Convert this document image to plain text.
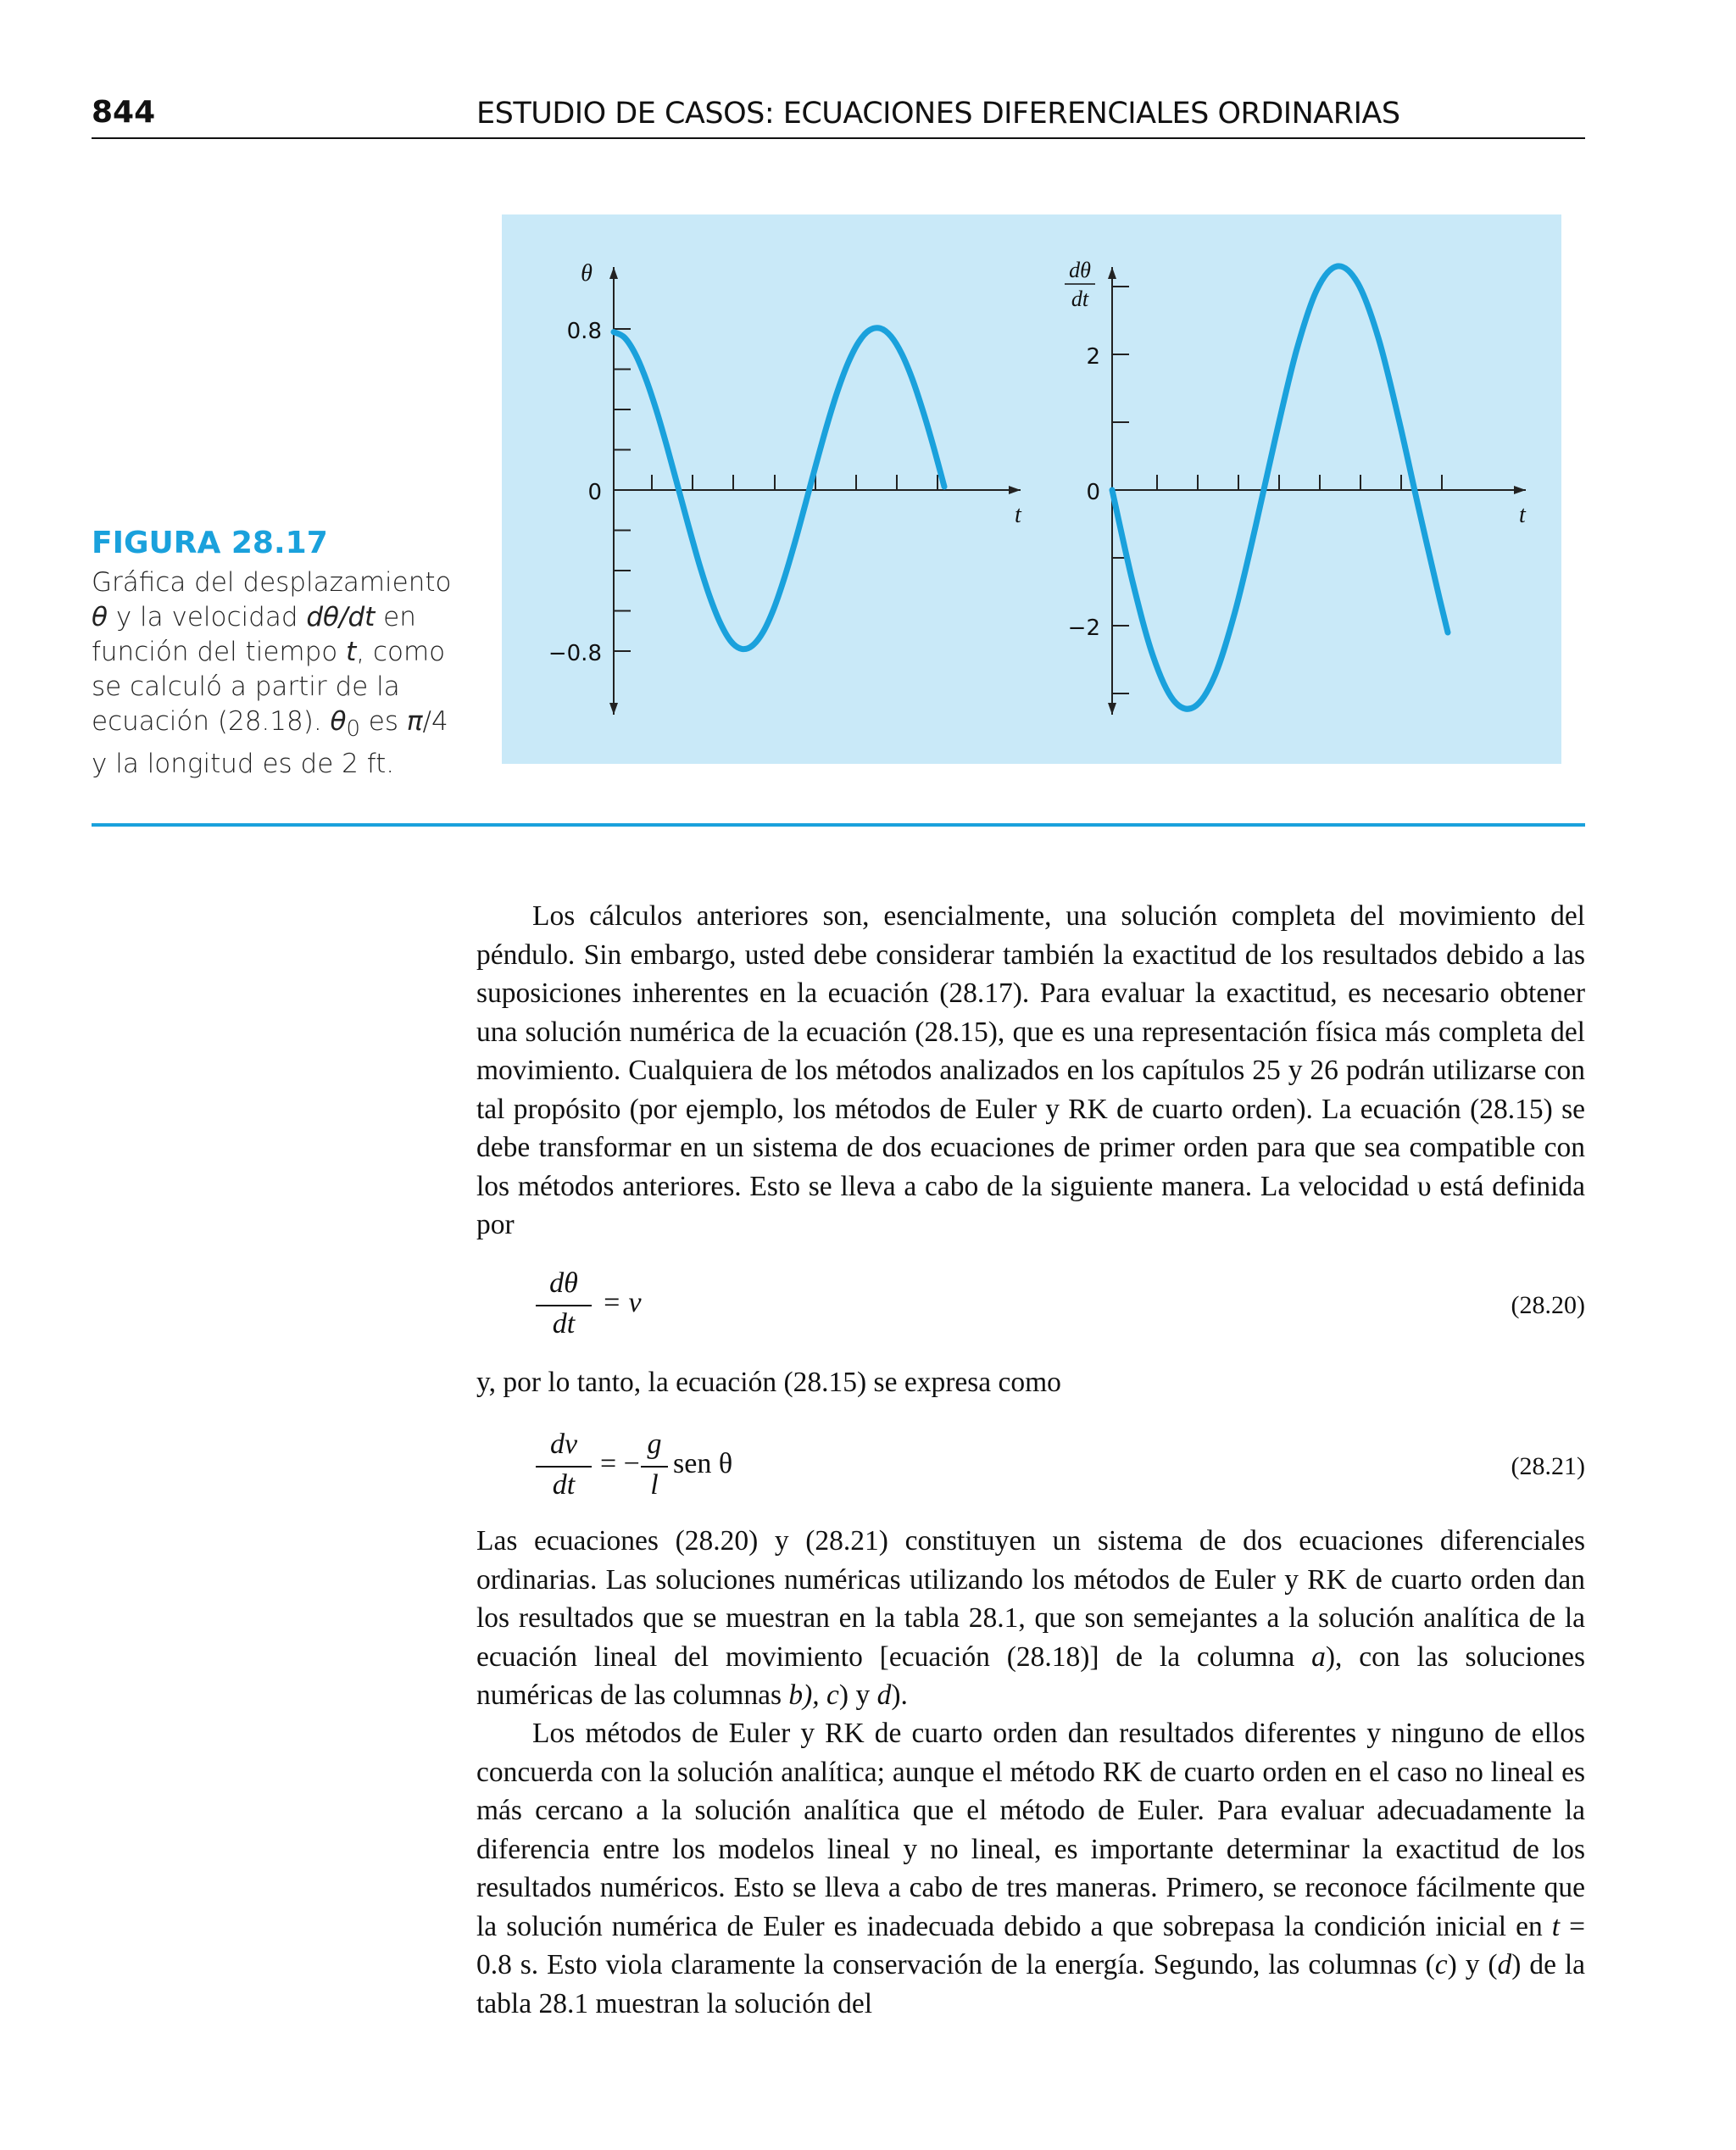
844	ESTUDIO DE CASOS: ECUACIONES DIFERENCIALES ORDINARIAS
0.8
0
−0.8
θ
t
2
0
−2
dθ
dt
t
FIGURA 28.17
Gráfica del desplazamiento θ y la velocidad dθ/dt en función del tiempo t, como se calculó a partir de la ecuación (28.18). $\theta_0$ es π/4 y la longitud es de 2 ft.

Los cálculos anteriores son, esencialmente, una solución completa del movimiento del péndulo. Sin embargo, usted debe considerar también la exactitud de los resultados debido a las suposiciones inherentes en la ecuación (28.17). Para evaluar la exactitud, es necesario obtener una solución numérica de la ecuación (28.15), que es una representación física más completa del movimiento. Cualquiera de los métodos analizados en los capítulos 25 y 26 podrán utilizarse con tal propósito (por ejemplo, los métodos de Euler y RK de cuarto orden). La ecuación (28.15) se debe transformar en un sistema de dos ecuaciones de primer orden para que sea compatible con los métodos anteriores. Esto se lleva a cabo de la siguiente manera. La velocidad υ está definida por

dθ
dt
= v	(28.20)

y, por lo tanto, la ecuación (28.15) se expresa como

dv
dt
= −
g
l
sen θ	(28.21)

Las ecuaciones (28.20) y (28.21) constituyen un sistema de dos ecuaciones diferenciales ordinarias. Las soluciones numéricas utilizando los métodos de Euler y RK de cuarto orden dan los resultados que se muestran en la tabla 28.1, que son semejantes a la solución analítica de la ecuación lineal del movimiento [ecuación (28.18)] de la columna a), con las soluciones numéricas de las columnas b), c) y d).

Los métodos de Euler y RK de cuarto orden dan resultados diferentes y ninguno de ellos concuerda con la solución analítica; aunque el método RK de cuarto orden en el caso no lineal es más cercano a la solución analítica que el método de Euler. Para evaluar adecuadamente la diferencia entre los modelos lineal y no lineal, es importante determinar la exactitud de los resultados numéricos. Esto se lleva a cabo de tres maneras. Primero, se reconoce fácilmente que la solución numérica de Euler es inadecuada debido a que sobrepasa la condición inicial en t = 0.8 s. Esto viola claramente la conservación de la energía. Segundo, las columnas (c) y (d) de la tabla 28.1 muestran la solución del
